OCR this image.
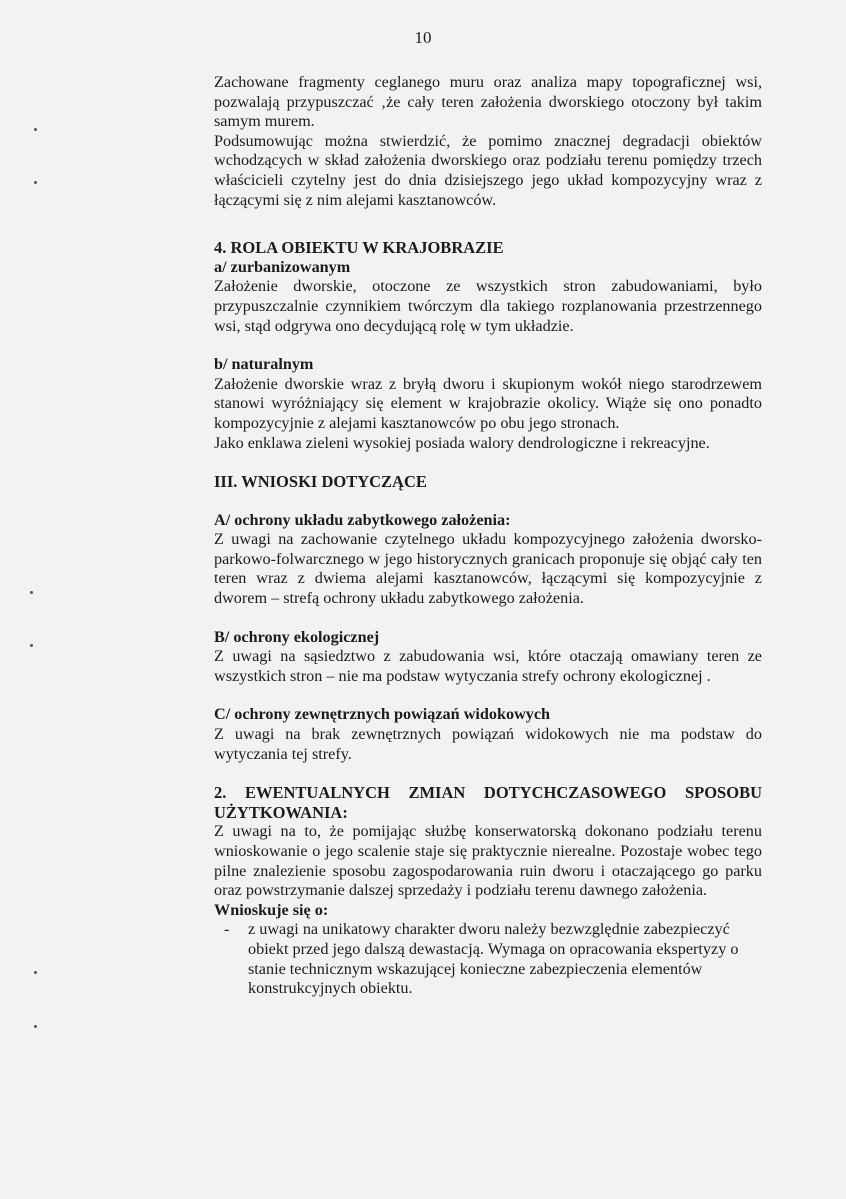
10

Zachowane fragmenty ceglanego muru oraz analiza mapy topograficznej wsi, pozwalają przypuszczać ‚że cały teren założenia dworskiego otoczony był takim samym murem.

Podsumowując można stwierdzić, że pomimo znacznej degradacji obiektów wchodzących w skład założenia dworskiego oraz podziału terenu pomiędzy trzech właścicieli czytelny jest do dnia dzisiejszego jego układ kompozycyjny wraz z łączącymi się z nim alejami kasztanowców.

4. ROLA OBIEKTU W KRAJOBRAZIE

a/ zurbanizowanym

Założenie dworskie, otoczone ze wszystkich stron zabudowaniami, było przypuszczalnie czynnikiem twórczym dla takiego rozplanowania przestrzennego wsi, stąd odgrywa ono decydującą rolę w tym układzie.

b/ naturalnym

Założenie dworskie wraz z bryłą dworu i skupionym wokół niego starodrzewem stanowi wyróżniający się element w krajobrazie okolicy. Wiąże się ono ponadto kompozycyjnie z alejami kasztanowców po obu jego stronach.

Jako enklawa zieleni wysokiej posiada walory dendrologiczne i rekreacyjne.

III. WNIOSKI DOTYCZĄCE

A/ ochrony układu zabytkowego założenia:

Z uwagi na zachowanie czytelnego układu kompozycyjnego założenia dworsko-parkowo-folwarcznego w jego historycznych granicach proponuje się objąć cały ten teren wraz z dwiema alejami kasztanowców, łączącymi się kompozycyjnie z dworem – strefą ochrony układu zabytkowego założenia.

B/ ochrony ekologicznej

Z uwagi na sąsiedztwo z zabudowania wsi, które otaczają omawiany teren ze wszystkich stron – nie ma podstaw wytyczania strefy ochrony ekologicznej .

C/ ochrony zewnętrznych powiązań widokowych

Z uwagi na brak zewnętrznych powiązań widokowych nie ma podstaw do wytyczania tej strefy.

2. EWENTUALNYCH ZMIAN DOTYCHCZASOWEGO SPOSOBU UŻYTKOWANIA:

Z uwagi na to, że pomijając służbę konserwatorską dokonano podziału terenu wnioskowanie o jego scalenie staje się praktycznie nierealne. Pozostaje wobec tego pilne znalezienie sposobu zagospodarowania ruin dworu i otaczającego go parku oraz powstrzymanie dalszej sprzedaży i podziału terenu dawnego założenia.

Wnioskuje się o:

- z uwagi na unikatowy charakter dworu należy bezwzględnie zabezpieczyć obiekt przed jego dalszą dewastacją. Wymaga on opracowania ekspertyzy o stanie technicznym wskazującej konieczne zabezpieczenia elementów konstrukcyjnych obiektu.
